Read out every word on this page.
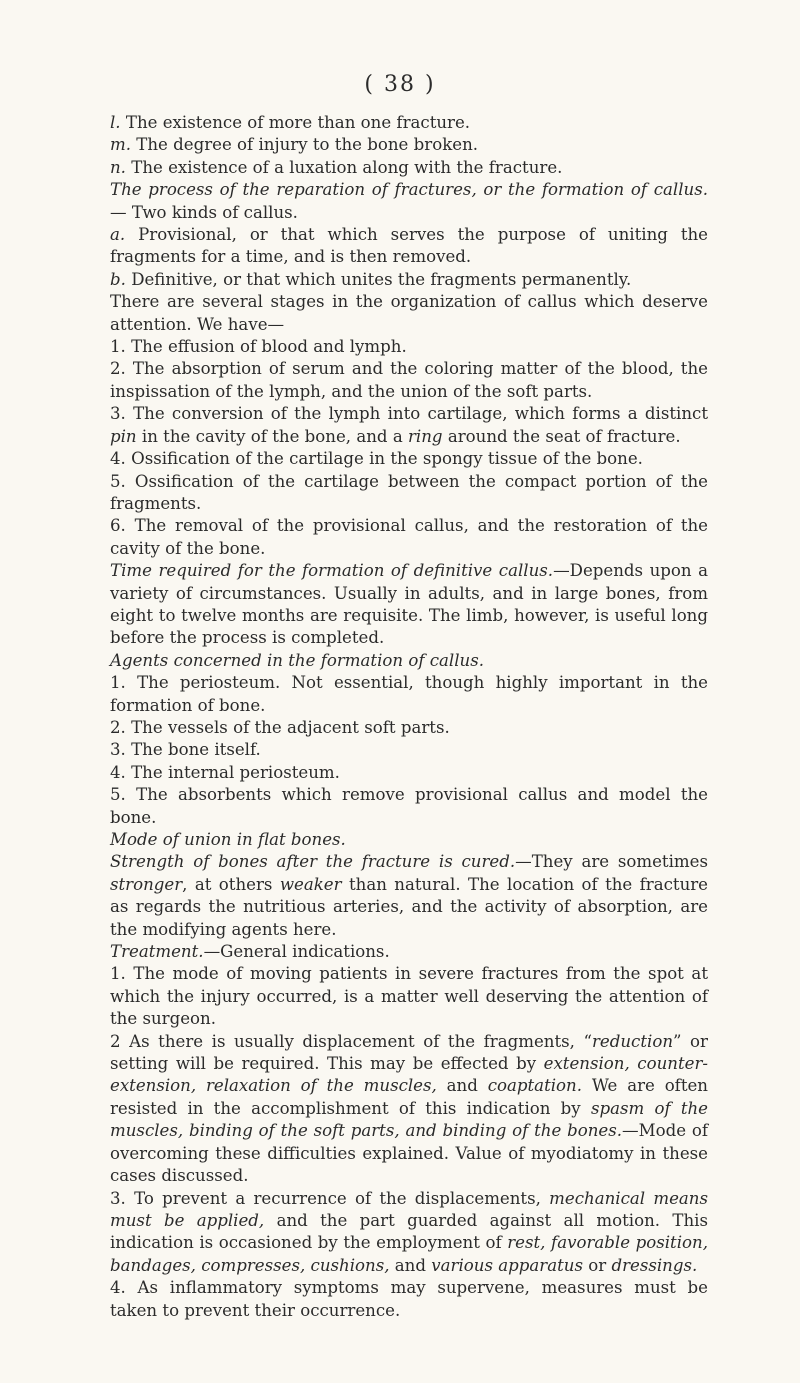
( 38 )

l. The existence of more than one fracture.

m. The degree of injury to the bone broken.

n. The existence of a luxation along with the fracture.

The process of the reparation of fractures, or the formation of callus.— Two kinds of callus.

a. Provisional, or that which serves the purpose of uniting the fragments for a time, and is then removed.

b. Definitive, or that which unites the fragments permanently.

There are several stages in the organization of callus which deserve attention. We have—

1. The effusion of blood and lymph.

2. The absorption of serum and the coloring matter of the blood, the inspissation of the lymph, and the union of the soft parts.

3. The conversion of the lymph into cartilage, which forms a distinct pin in the cavity of the bone, and a ring around the seat of fracture.

4. Ossification of the cartilage in the spongy tissue of the bone.

5. Ossification of the cartilage between the compact portion of the fragments.

6. The removal of the provisional callus, and the restoration of the cavity of the bone.

Time required for the formation of definitive callus.—Depends upon a variety of circumstances. Usually in adults, and in large bones, from eight to twelve months are requisite. The limb, however, is useful long before the process is completed.

Agents concerned in the formation of callus.

1. The periosteum. Not essential, though highly important in the formation of bone.

2. The vessels of the adjacent soft parts.

3. The bone itself.

4. The internal periosteum.

5. The absorbents which remove provisional callus and model the bone.

Mode of union in flat bones.

Strength of bones after the fracture is cured.—They are sometimes stronger, at others weaker than natural. The location of the fracture as regards the nutritious arteries, and the activity of absorption, are the modifying agents here.

Treatment.—General indications.

1. The mode of moving patients in severe fractures from the spot at which the injury occurred, is a matter well deserving the attention of the surgeon.

2 As there is usually displacement of the fragments, “reduction” or setting will be required. This may be effected by extension, counter-extension, relaxation of the muscles, and coaptation. We are often resisted in the accomplishment of this indication by spasm of the muscles, binding of the soft parts, and binding of the bones.—Mode of overcoming these difficulties explained. Value of myodiatomy in these cases discussed.

3. To prevent a recurrence of the displacements, mechanical means must be applied, and the part guarded against all motion. This indication is occasioned by the employment of rest, favorable position, bandages, compresses, cushions, and various apparatus or dressings.

4. As inflammatory symptoms may supervene, measures must be taken to prevent their occurrence.
